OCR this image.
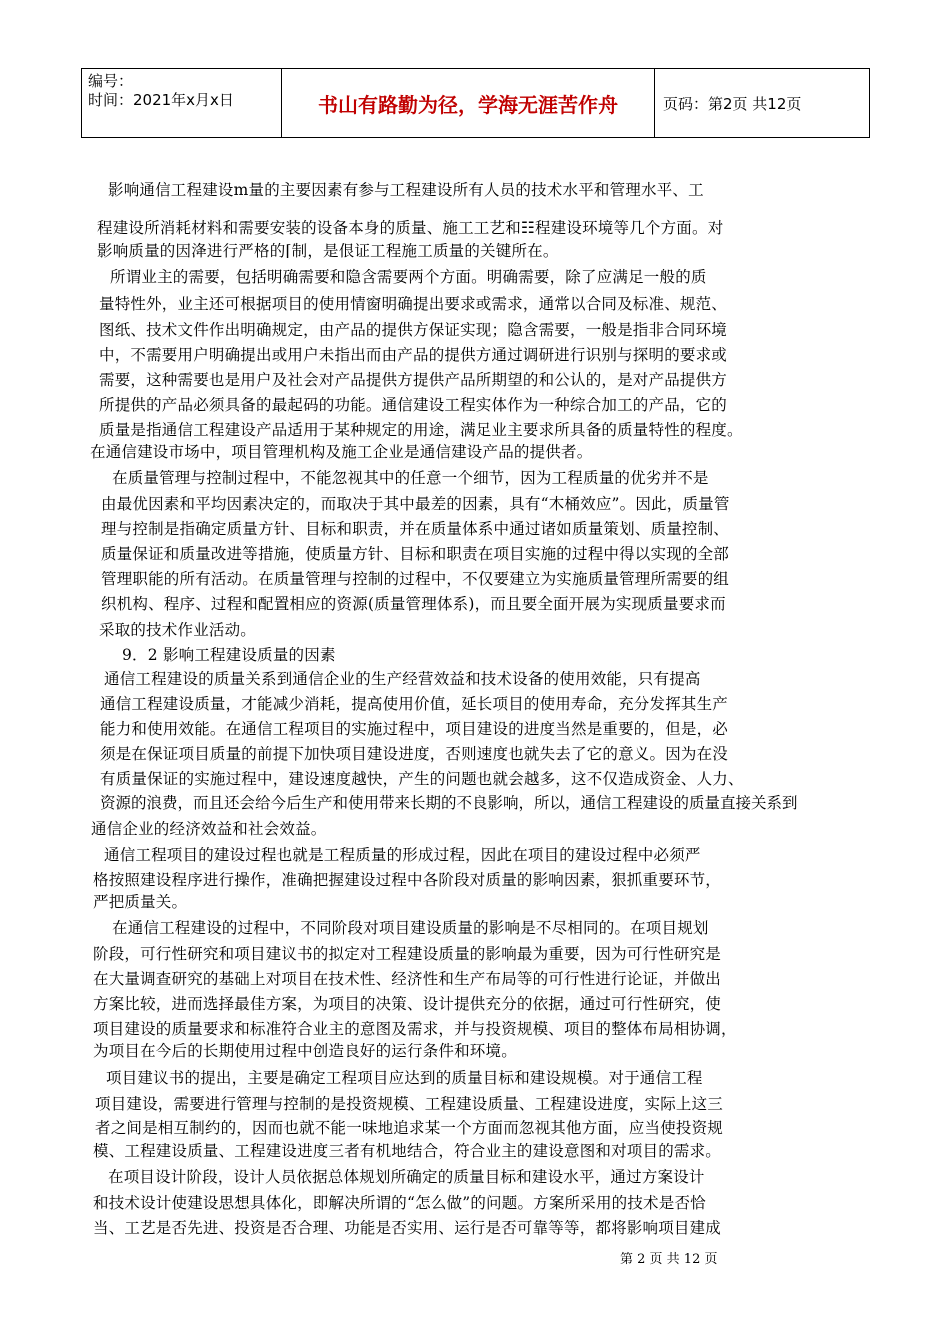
编号：
时间：2021年x月x日	书山有路勤为径，学海无涯苦作舟	页码：第2页 共12页
影响通信工程建设ⅿ量的主要因素有参与工程建设所有人员的技术水平和管理水平、工
程建设所消耗材料和需要安装的设备本身的质量、施工工艺和☷程建设环境等几个方面。对
影响质量的因洚进行严格的⌈制，是佷证工程施工质量的关键所在。
所谓业主的需要，包括明确需要和隐含需要两个方面。明确需要，除了应满足一般的质
量特性外，业主还可根据项目的使用情窗明确提出要求或需求，通常以合同及标准、规范、
图纸、技术文件作出明确规定，由产品的提供方保证实现；隐含需要，一般是指非合同环境
中，不需要用户明确提出或用户未指出而由产品的提供方通过调研进行识别与探明的要求或
需要，这种需要也是用户及社会对产品提供方提供产品所期望的和公认的，是对产品提供方
所提供的产品必须具备的最起码的功能。通信建设工程实体作为一种综合加工的产品，它的
质量是指通信工程建设产品适用于某种规定的用途，满足业主要求所具备的质量特性的程度。
在通信建设市场中，项目管理机构及施工企业是通信建设产品的提供者。
在质量管理与控制过程中，不能忽视其中的任意一个细节，因为工程质量的优劣并不是
由最优因素和平均因素决定的，而取决于其中最差的因素，具有“木桶效应”。因此，质量管
理与控制是指确定质量方针、目标和职责，并在质量体系中通过诸如质量策划、质量控制、
质量保证和质量改进等措施，使质量方针、目标和职责在项目实施的过程中得以实现的全部
管理职能的所有活动。在质量管理与控制的过程中，不仅要建立为实施质量管理所需要的组
织机构、程序、过程和配置相应的资源(质量管理体系)，而且要全面开展为实现质量要求而
采取的技术作业活动。
9．2 影响工程建设质量的因素
通信工程建设的质量关系到通信企业的生产经营效益和技术设备的使用效能，只有提高
通信工程建设质量，才能减少消耗，提高使用价值，延长项目的使用寿命，充分发挥其生产
能力和使用效能。在通信工程项目的实施过程中，项目建设的进度当然是重要的，但是，必
须是在保证项目质量的前提下加快项目建设进度，否则速度也就失去了它的意义。因为在没
有质量保证的实施过程中，建设速度越快，产生的问题也就会越多，这不仅造成资金、人力、
资源的浪费，而且还会给今后生产和使用带来长期的不良影响，所以，通信工程建设的质量直接关系到
通信企业的经济效益和社会效益。
通信工程项目的建设过程也就是工程质量的形成过程，因此在项目的建设过程中必须严
格按照建设程序进行操作，准确把握建设过程中各阶段对质量的影响因素，狠抓重要环节，
严把质量关。
在通信工程建设的过程中，不同阶段对项目建设质量的影响是不尽相同的。在项目规划
阶段，可行性研究和项目建议书的拟定对工程建设质量的影响最为重要，因为可行性研究是
在大量调查研究的基础上对项目在技术性、经济性和生产布局等的可行性进行论证，并做出
方案比较，进而选择最佳方案，为项目的决策、设计提供充分的依据，通过可行性研究，使
项目建设的质量要求和标准符合业主的意图及需求，并与投资规模、项目的整体布局相协调，
为项目在今后的长期使用过程中创造良好的运行条件和环境。
项目建议书的提出，主要是确定工程项目应达到的质量目标和建设规模。对于通信工程
项目建设，需要进行管理与控制的是投资规模、工程建设质量、工程建设进度，实际上这三
者之间是相互制约的，因而也就不能一味地追求某一个方面而忽视其他方面，应当使投资规
模、工程建设质量、工程建设进度三者有机地结合，符合业主的建设意图和对项目的需求。
在项目设计阶段，设计人员依据总体规划所确定的质量目标和建设水平，通过方案设计
和技术设计使建设思想具体化，即解决所谓的“怎么做”的问题。方案所采用的技术是否恰
当、工艺是否先进、投资是否合理、功能是否实用、运行是否可靠等等，都将影响项目建成
第 2 页 共 12 页
